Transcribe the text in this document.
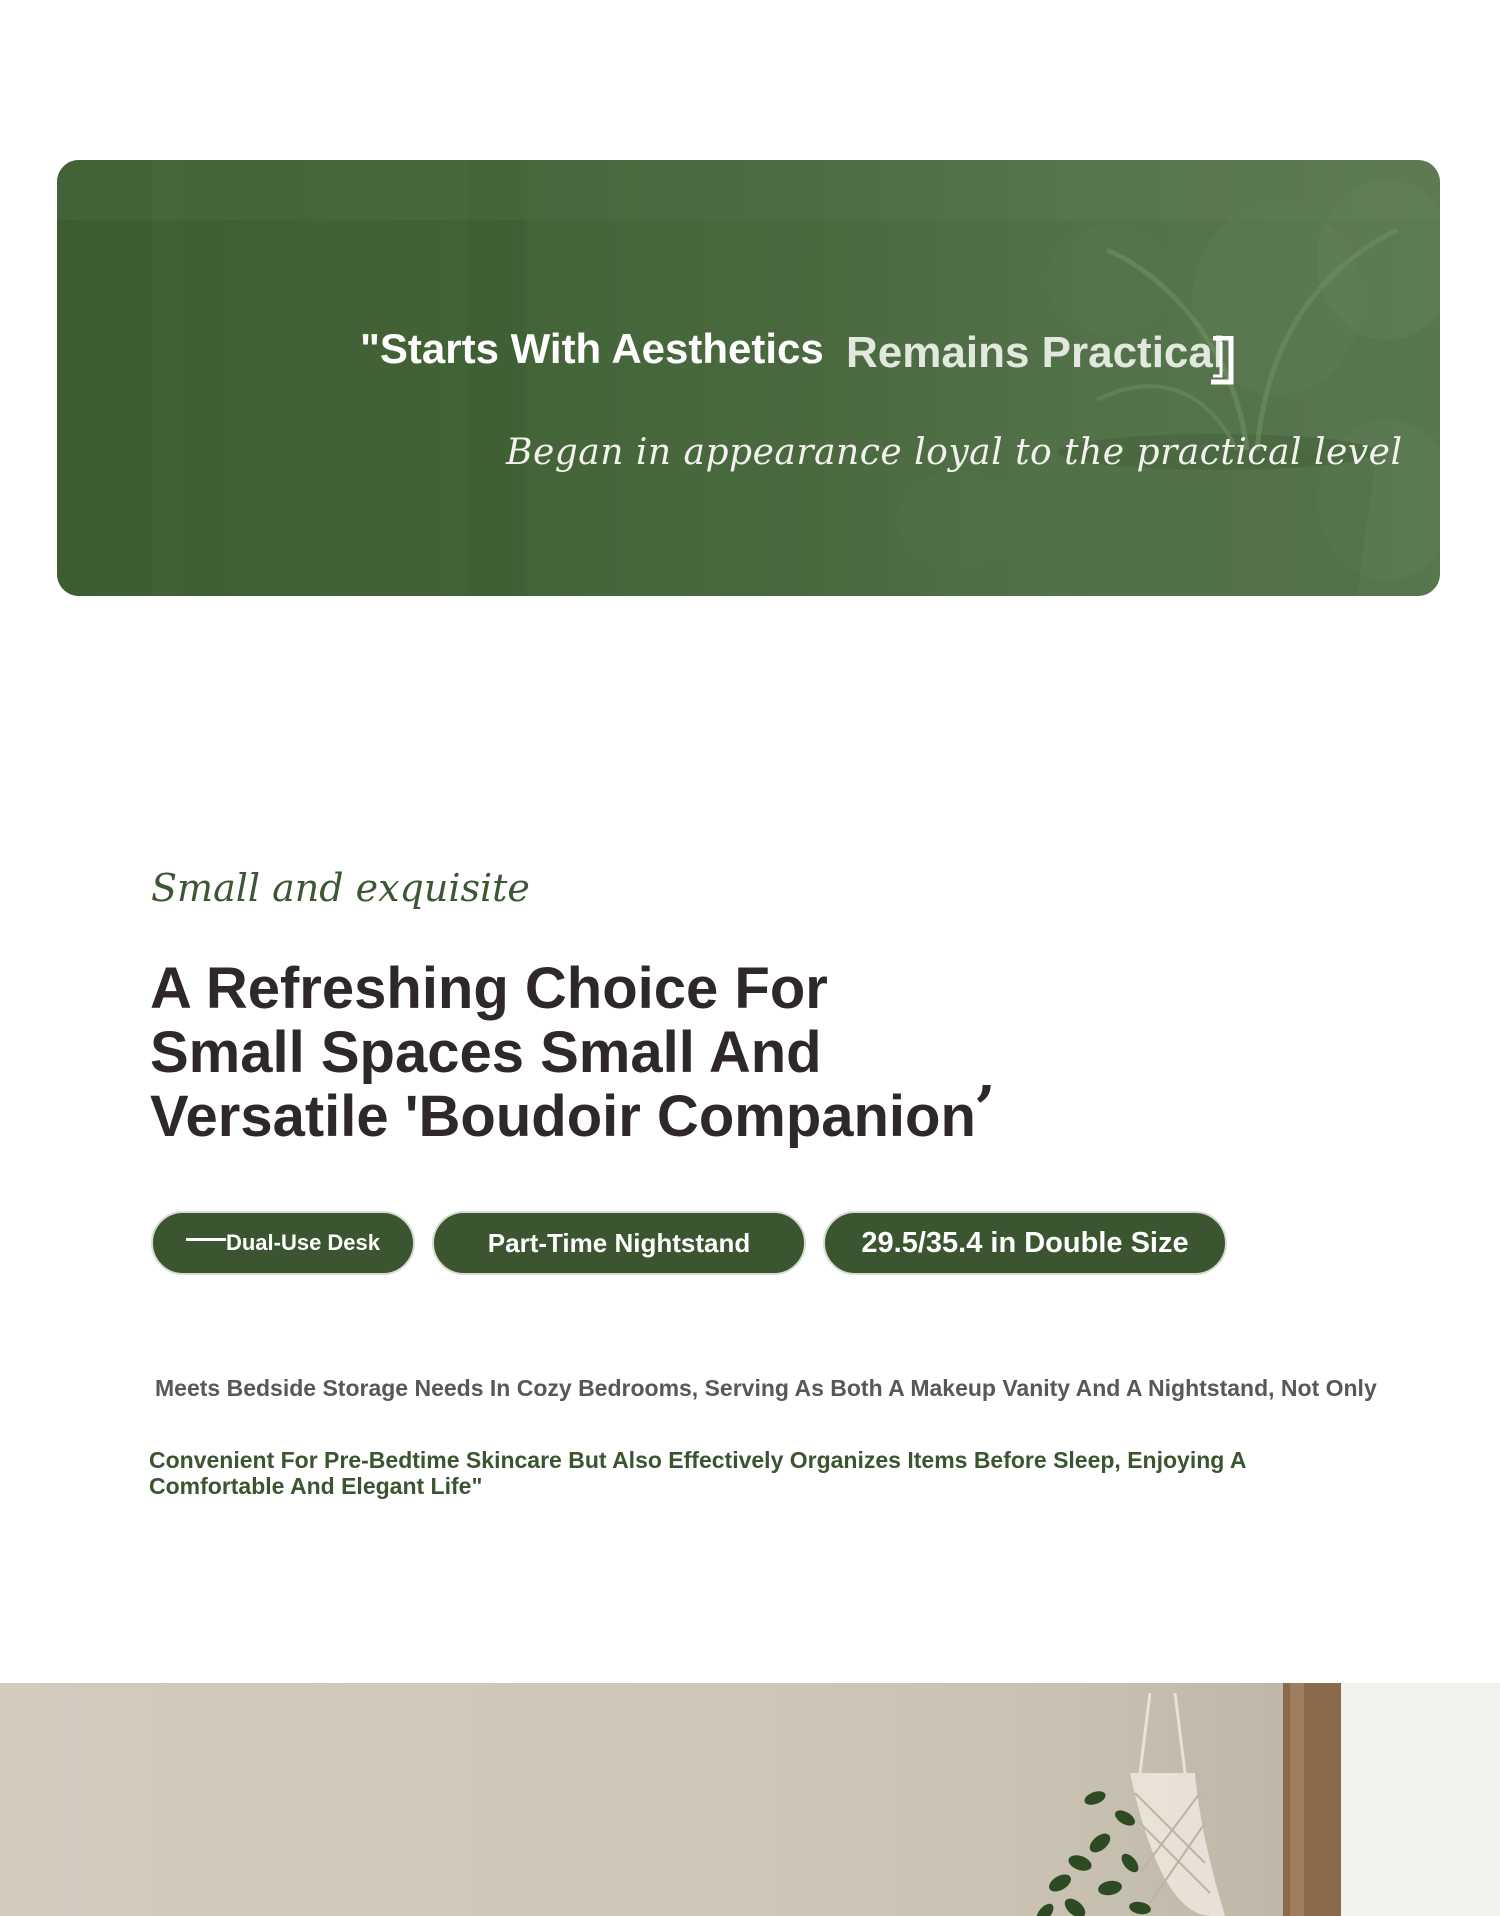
"Starts With Aesthetics Remains Practical
Began in appearance loyal to the practical level
Small and exquisite
A Refreshing Choice For
Small Spaces Small And
Versatile 'Boudoir Companion
’
Dual-Use Desk	Part-Time Nightstand	29.5/35.4 in Double Size
Meets Bedside Storage Needs In Cozy Bedrooms, Serving As Both A Makeup Vanity And A Nightstand, Not Only
Convenient For Pre-Bedtime Skincare But Also Effectively Organizes Items Before Sleep, Enjoying A Comfortable And Elegant Life"
